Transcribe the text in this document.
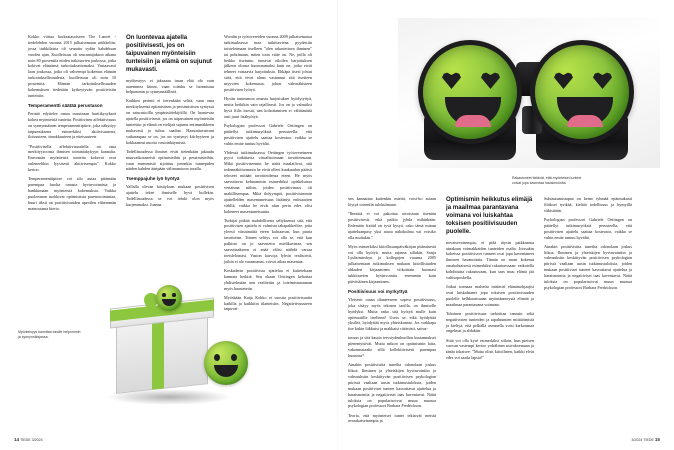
Kokko viittaa korkeatasoiseen The Lancet -tiedelehden vuonna 2015 julkaisemaan artikkeliin, jossa turkkilaista oli seurattu sydän kahdeksan vuoden ajan. Kuolleisuus oli seurantajakson aikana noin 80 prosenttia niiden tutkittavien joukossa, jotka kokivat elämänsä tarkoituksettomaksi. Vastaavasti laan joukossa, jotka oli vahvempi kokemus elämän tarkoituksellisuudesta, kuolleisuus oli noin 10 prosenttia. Elämän tarkoituksellisuuden kokemuksen tiedetään kytkeytyvän positiivisiin tunteisiin.

Temperamentti säätää perustason

Perintö edyttelee omaa osuuteaan hartiikysykseä kokea myönteisiä tunteita. Positiivisen affektiivisuus on synnynnäinen temperamenttipiirre, joka näkyttyy taipumuksena esimerkiksi aktiivisuutena, iloisuuteen, innokkuuteen ja eiteisuuteen.

”Positiivisella affektiivisuudella on oma merkityyroonsa ihmisen toimintakykyyn kannalta. Eneromän myönteisiä tunteita kokevat ovat onleneelikin fyysisesti aktiivisempia”, Kokko kertoo.

Temperamenttipiirre voi silo autaa pitämään parempaa huolta omasta hyvinvoinnista ja hankkimaan myönteisiä kokemuksia. Vaikka puoleeanan tuokkivat optimistista parenotoimintaa, huuri tiksii on positiivisuuden apeoilen vähemmän mainostama kierto.

On luontevaa ajatella positiivisesti, jos on taipuvainen myönteisiin tunteisiin ja elämä on sujunut mukavasti.

myöhestyys ei jaksaaaa tasan elää olo vain aaremmea kiinni, vaan toimhu se luonnistuu helpommin jo synnynnäällisiä.

Kaikkea perintö ei tierenkään selitä, vaan oma merkityksensä optimistisen ja pessimistisen syntyssä on saturastoilla ympäristötekijöillä. On luontevaa ajatella positiivisesti, jos on taipuvainen myönteisiin tunteisiin ja elämä on vielijaä sujunut entimmäkkeen mukavasti ja tuhoa saadun. Haastattavatvani vaikaraupaa se on, jos on syntynyt kitchyyteen ja kokkaaneut nuoria vastoinkäymistä.

Todellisuudessa ihmiset eivät tietenkään jakaudu muuvaikosaneisti optimisteihin ja pessimisteihin, vaan enemmistö sijoittuu jonnekin tunnepiden näiden kahden ääripään välimaastoon tavalla.

Tsemppajuhe lyö hyötyä

Vallalla olevan käsityksen mukaan positiivisen ajattelu tekee ihmiselle hyvä kullekin. Todellisuudessa se voi tehdä olon myös kurjemmaksi. Joanna

Woodin ja työtovereiden vuonna 2009 julkaisemassa tutkimuksessa maa tutkittaviena pyydettiin toisteleimaan itselleen ”olen rakastettava ihminen” tai pohtimaan, miten totta väite on. Ne, joilla oli heikko itsetunto, tunsivat oiloilen harjoituksen jälkeen olonsa huonommaksi kuin ne, jotka eivät tehneet vastaavia harjoituksia. Ehkäpä itsesi johtui siitä, että eivat alano vastannut sitä itsetieen myyvien kokemusta, johon vähvnäkisteen positiivisen lyötyä.

Hyvän tunteumon omasta harjoitukset hyödytyttyä, mutta hetkikin vain rajallisesti. Jos on jo valmiiksi hyvä fiilis itsestä, uen kohottamisen ei välttämättä onti juuri lisähyötyä.

Psykologian professori Gabriele Oettingen on päätellyt tutkimuryöksiä perusteella, että positiivisen ajattelu saattaa kosteatoa, vaikka se vuhin emite tuntuu hyvältä.

Yhdessä tutkimuksessa Oettingen työtovereineen pyysi tutkittavia visualisoimaan tavoitteinsaan. Mikä positiiviseemin he näitä maalailivat, sitä todennäköisemmin he eivät olleet kuukaudon pääisti teloseet mitään tavoitteidensa eteen. He myös saavuttavat kehnommin esimerkiksi opiskeluisaa vertatuna niihin, joiden positiivisuus oli maltillisempaa. Mikä ihdyympäi, positiivisimmin ajattelleiden masentuneisuus lisääntyi enitsaaoten välillä, vaikka he eivät alun perin edes olisi kokeneet masentuneisuutta.

Turkijat pitkää mahdollisena seltyksensä sitä, että positiivisen ajattelu ei valmista takapakkeiltse, joita yleesii väistämättä eteen kohtaavan, kun ptaria tavoitteisn. Toinen selitys voi olla se, että kun palkisto on jo saavutettu mielikuvinaa, sen saavuttaakseen ei enää välisi näihdä varsaa toeislelomäsi. Vaston karvoja lyhvät realisoetit, joihin ei ole varamumat, voivat aikaa masentaa.

Koskaderin positiivista ajattelua ei kutteiekaan kannata hetkiiä. Sen okaan Oettingen kehottaa yhdistelmään uen realiteitin ja toteimisnaraunan myös haasteteiin.

Myöskään Katja Kokko ei suosita positiivisuutta kaikilla ja kaikkiiin tilanteisiin. Negativitvuusteen taipuvai-

sen kannattaa kuitenkin mietiä, voisi-ko asiaan löytyä toisenlin tulokulmaan.

”Ihmisiä ei voi pakottaa aivoistaan itsenäin positiivisesti, eikä paikio jyhda mihinkään. Enlemiän fraitid on tyvä kysyä, osko tämä minun ajatteluanpasy yksi aiuoa näkökulma vai voisiko olla muitakin.”

Myös esimerkiksi kiitollisuuspäiväkirjan pitämisestä voi olla hyötyä, mutta rajansa sillakin. Sonja Lyubomirskyn ja kollegojen vuonna 2005 julkaisemaan tutkimuksen mukaan kiitollisuuden ahkuden kirjaaminen viikoittain huomasi tukkitravien hyvinvointia enemmän kuin päivittäinen kirjaaminen.

Positiivisuus voi myrkyttyä

Yleisesti otaan tilanteeseen sopiva positiivisuus, joka sisäyy myös tekosen taoilla, on ihmiselle hyödyksi. Mutta onko sitä hyötyä mulle kuin optimoitille itsellenn? Useix se; eikä hyödyttää yksilöä, hyödyttää myös yhteiskuntaa. Jos vaikkapa itse kukin liikkuisi ja makkaisi rittävästi, sairas-

tavuus ja sitä kautta tervsiydenhuollon kustannukset pienentyisivät. Mutta mikon on optimismin laita, vakonmataako sillä kollektiivisesti parempaa huonista?

Ainakin positiivisitta tuneilta odonolaan joskus liikoa. Ihminen ja yhteiskijen hyvinvointiin ja vahvuuksiin keskittyvän positiivisen psykologian pitrissä vaaltaan uusin tutkimustuloksia, joiden mukaan positiiviset tunteet kasvattavat ajattelua ja haraisnointia ja negatiiviset taas kaventavat. Näitä tuloksia on popularisoivut muun muassa psykologian professori Barbara Fredrickson.

Teoria, että myönteiset tuntet tekisivät meistä avarakatseisempia ja

Optimismin heikkutus elimäjä ja maailmaa parantavana voimana voi luiskahtaa toksisen positiivisuuden puolelle.

novatsevaisempia, ei pidä täysin paikkaansa ainakaan voimakkaiden tunteiden osalta. Joissakin kokeissa positiivisvet tunneet ovat jopa kaventaneet ihmisen havanointia. Tämän on mont kokenut omakohtaisesti esimerkiksi rakastuessaan: vaikoiella kohdittutta rakastuvaan, kun taas muu elämä jää valitsoposkella.

Joikut soenaaa malseita mittävät elämänohjaajist ovat luiskahtanet jopa toksisen positiivisuuden puolelle helhkaarisaaan myöntännteystä elimää ja maailmaa parantavana voimana.

Toksinen positiivisuus tarkoittaa tennsin sekä negatiivisten tunteiden ja tapahtumien mitätöimistä ja kieltyä, että pelkällä asennella voisi karkoumaa ongelmat ja aldukiin.

Siitä voi olla kysé esimerkiksi siiloin, kun pietsen vaovan vastempi kertoo yrdrälinen ustvakoemaan ja tänäa tokaisee: ”Mutta olisit kiitollinen, kaikki elvät edes voi saada lapsia!”

Suhtautumistapaa on keino tyhmää epäimukarat filiikset tyrikää, kieltää todellisuus ja hymyillä väkisitään.

Psykologian professori Gabriele Oettingen on päätellyt tutkimuryöksiä perusteella, että positiivisen ajattelu saattaa kosteatoa, vaikka se vuhin emite tuntuu hyvältä.

Ainakin positiivisitta tuneilta odonolaan joskus liikoa. Ihminen ja yhteiskijen hyvinvointiin ja vahvuuksiin keskittyvän positiivisen psykologian pitrissä vaaltaan uusin tutkimustuloksia, joiden mukaan positiiviset tunteet kasvattavat ajattelua ja haraisnointia ja negatiiviset taas kaventavat. Näitä tuloksia on popularisoivut muun muassa psykologian professori Barbara Fredrickson.

Rakastuneet tietävät, että myönteiset tunteet voivat jopa kaventaa havainnointia.
Myönteisyys kannttaa toisille helpommin ja synnynnäisjansa.
14 TIEDE 3/2024	3/2024 TIEDE 15
